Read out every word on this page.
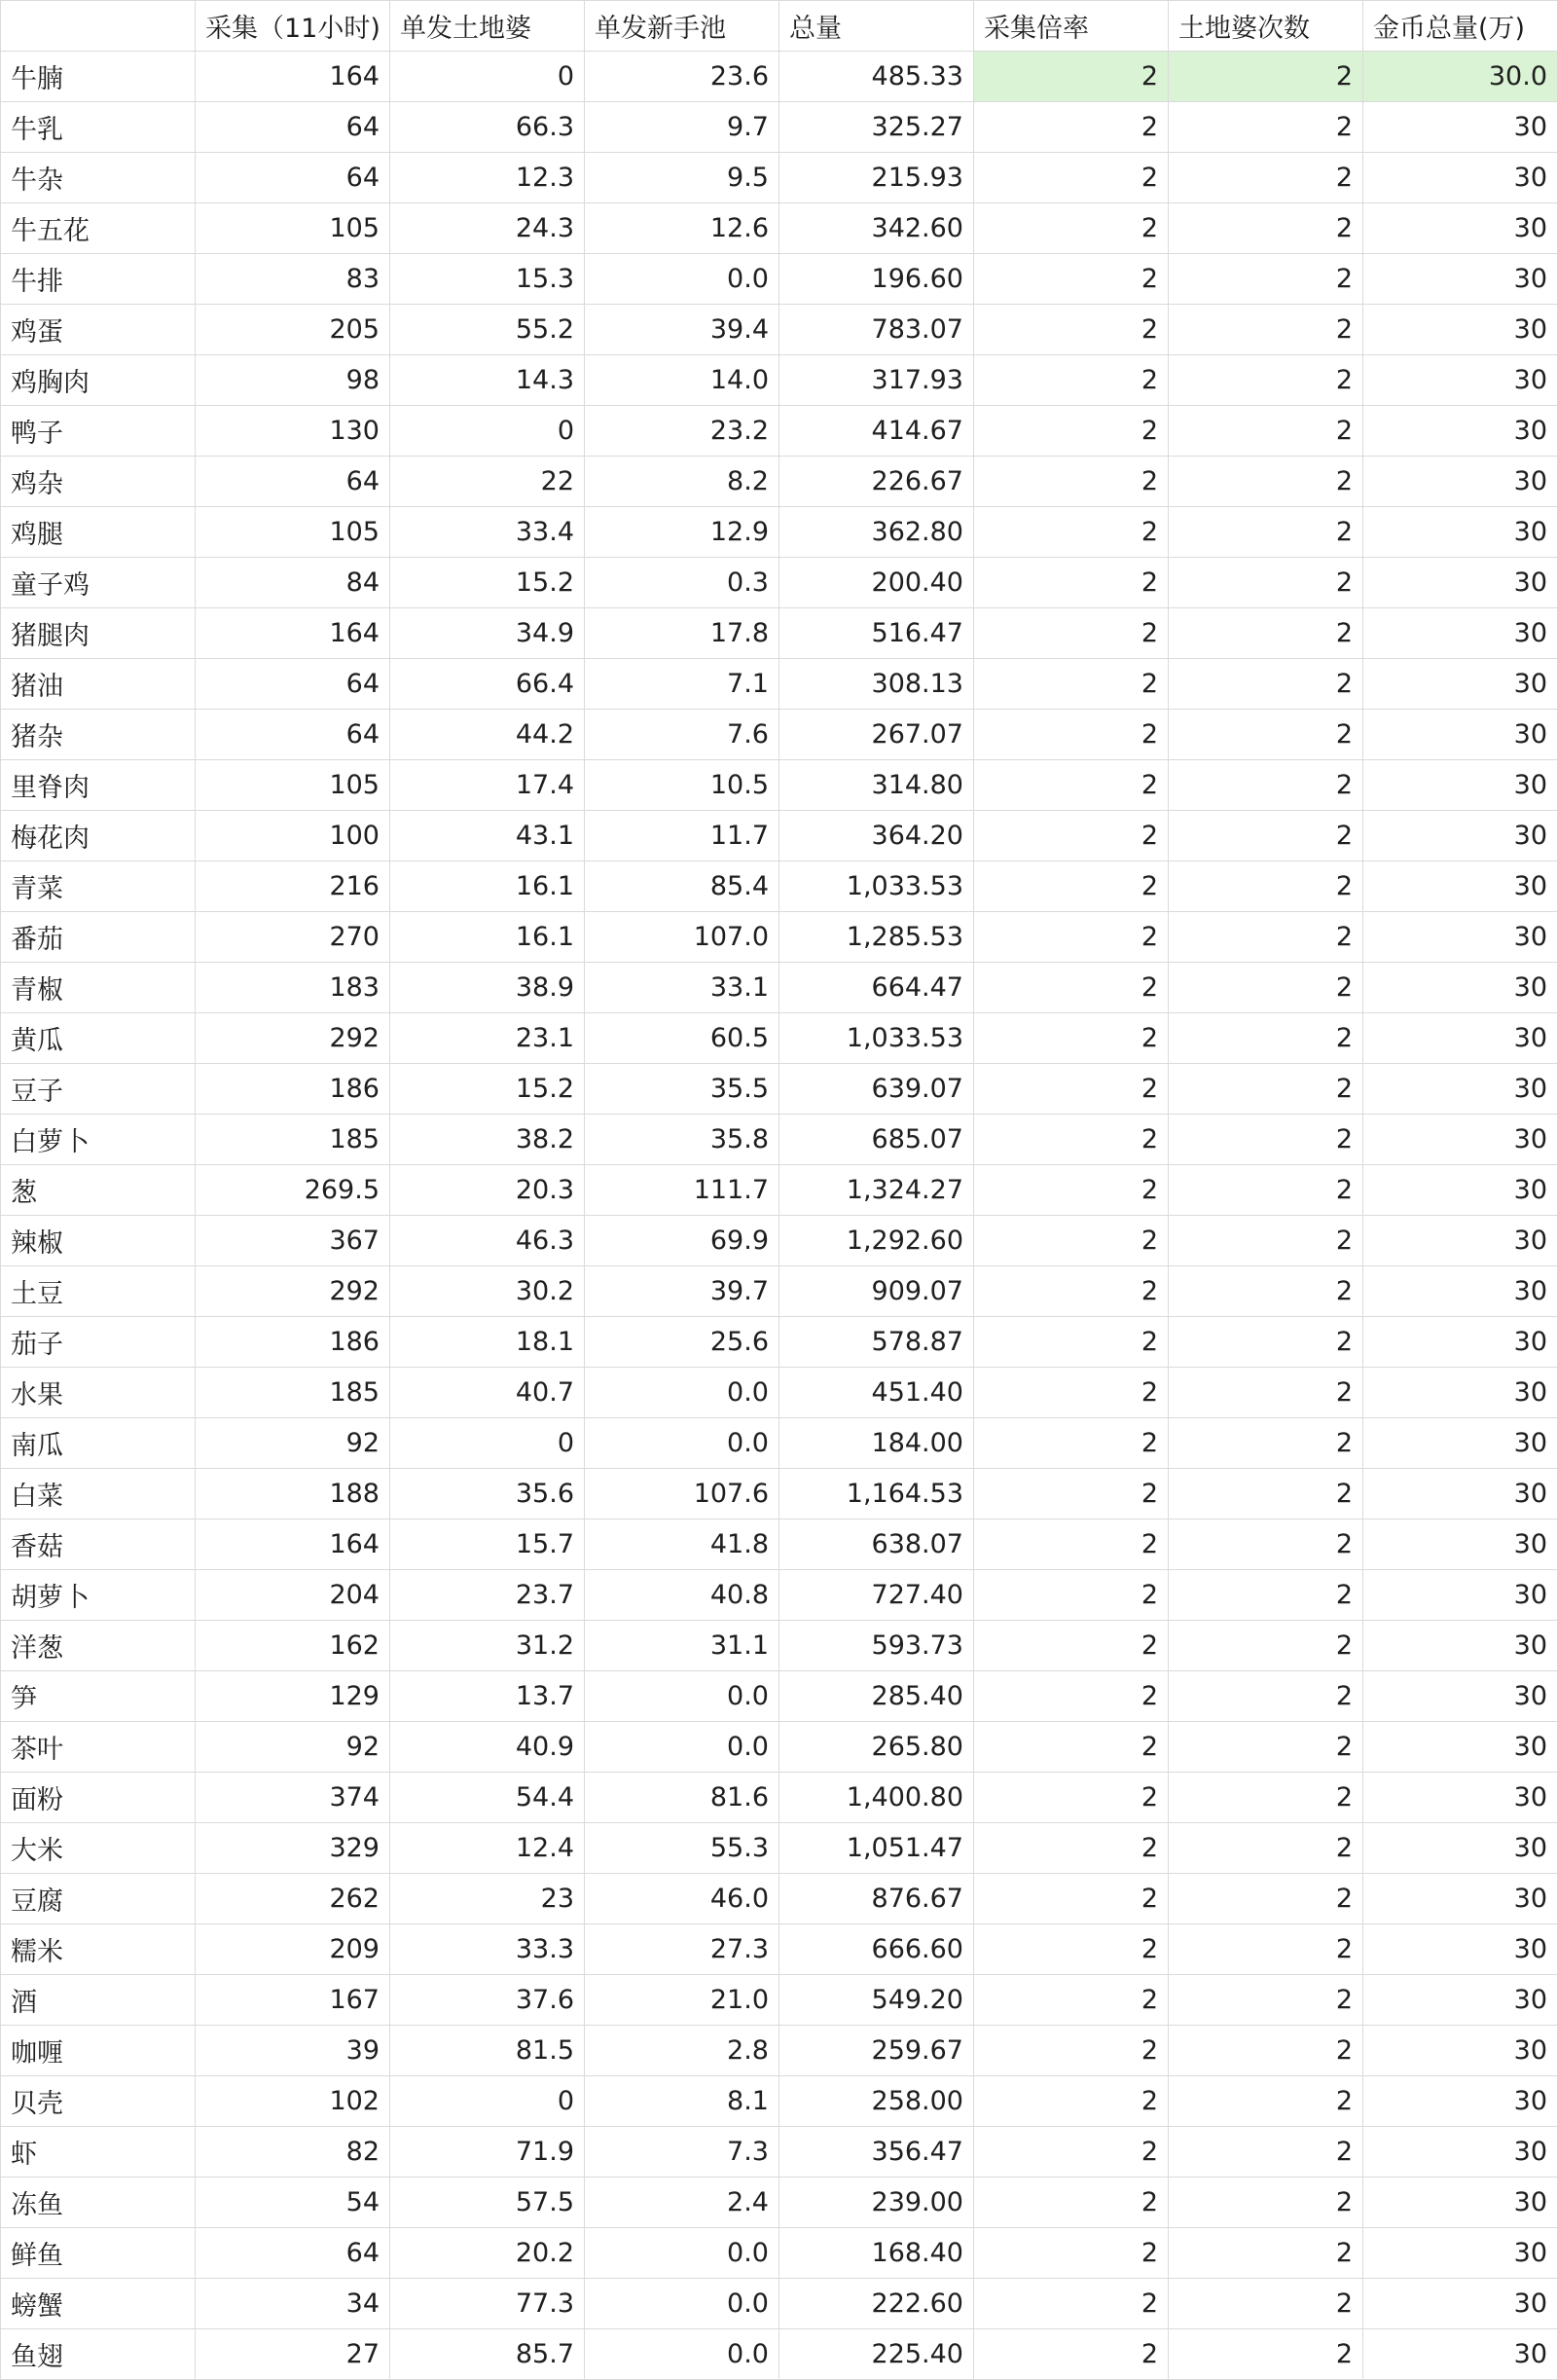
	采集（11小时)	单发土地婆	单发新手池	总量	采集倍率	土地婆次数	金币总量(万)
牛腩	164	0	23.6	485.33	2	2	30.0
牛乳	64	66.3	9.7	325.27	2	2	30
牛杂	64	12.3	9.5	215.93	2	2	30
牛五花	105	24.3	12.6	342.60	2	2	30
牛排	83	15.3	0.0	196.60	2	2	30
鸡蛋	205	55.2	39.4	783.07	2	2	30
鸡胸肉	98	14.3	14.0	317.93	2	2	30
鸭子	130	0	23.2	414.67	2	2	30
鸡杂	64	22	8.2	226.67	2	2	30
鸡腿	105	33.4	12.9	362.80	2	2	30
童子鸡	84	15.2	0.3	200.40	2	2	30
猪腿肉	164	34.9	17.8	516.47	2	2	30
猪油	64	66.4	7.1	308.13	2	2	30
猪杂	64	44.2	7.6	267.07	2	2	30
里脊肉	105	17.4	10.5	314.80	2	2	30
梅花肉	100	43.1	11.7	364.20	2	2	30
青菜	216	16.1	85.4	1,033.53	2	2	30
番茄	270	16.1	107.0	1,285.53	2	2	30
青椒	183	38.9	33.1	664.47	2	2	30
黄瓜	292	23.1	60.5	1,033.53	2	2	30
豆子	186	15.2	35.5	639.07	2	2	30
白萝卜	185	38.2	35.8	685.07	2	2	30
葱	269.5	20.3	111.7	1,324.27	2	2	30
辣椒	367	46.3	69.9	1,292.60	2	2	30
土豆	292	30.2	39.7	909.07	2	2	30
茄子	186	18.1	25.6	578.87	2	2	30
水果	185	40.7	0.0	451.40	2	2	30
南瓜	92	0	0.0	184.00	2	2	30
白菜	188	35.6	107.6	1,164.53	2	2	30
香菇	164	15.7	41.8	638.07	2	2	30
胡萝卜	204	23.7	40.8	727.40	2	2	30
洋葱	162	31.2	31.1	593.73	2	2	30
笋	129	13.7	0.0	285.40	2	2	30
茶叶	92	40.9	0.0	265.80	2	2	30
面粉	374	54.4	81.6	1,400.80	2	2	30
大米	329	12.4	55.3	1,051.47	2	2	30
豆腐	262	23	46.0	876.67	2	2	30
糯米	209	33.3	27.3	666.60	2	2	30
酒	167	37.6	21.0	549.20	2	2	30
咖喱	39	81.5	2.8	259.67	2	2	30
贝壳	102	0	8.1	258.00	2	2	30
虾	82	71.9	7.3	356.47	2	2	30
冻鱼	54	57.5	2.4	239.00	2	2	30
鲜鱼	64	20.2	0.0	168.40	2	2	30
螃蟹	34	77.3	0.0	222.60	2	2	30
鱼翅	27	85.7	0.0	225.40	2	2	30
